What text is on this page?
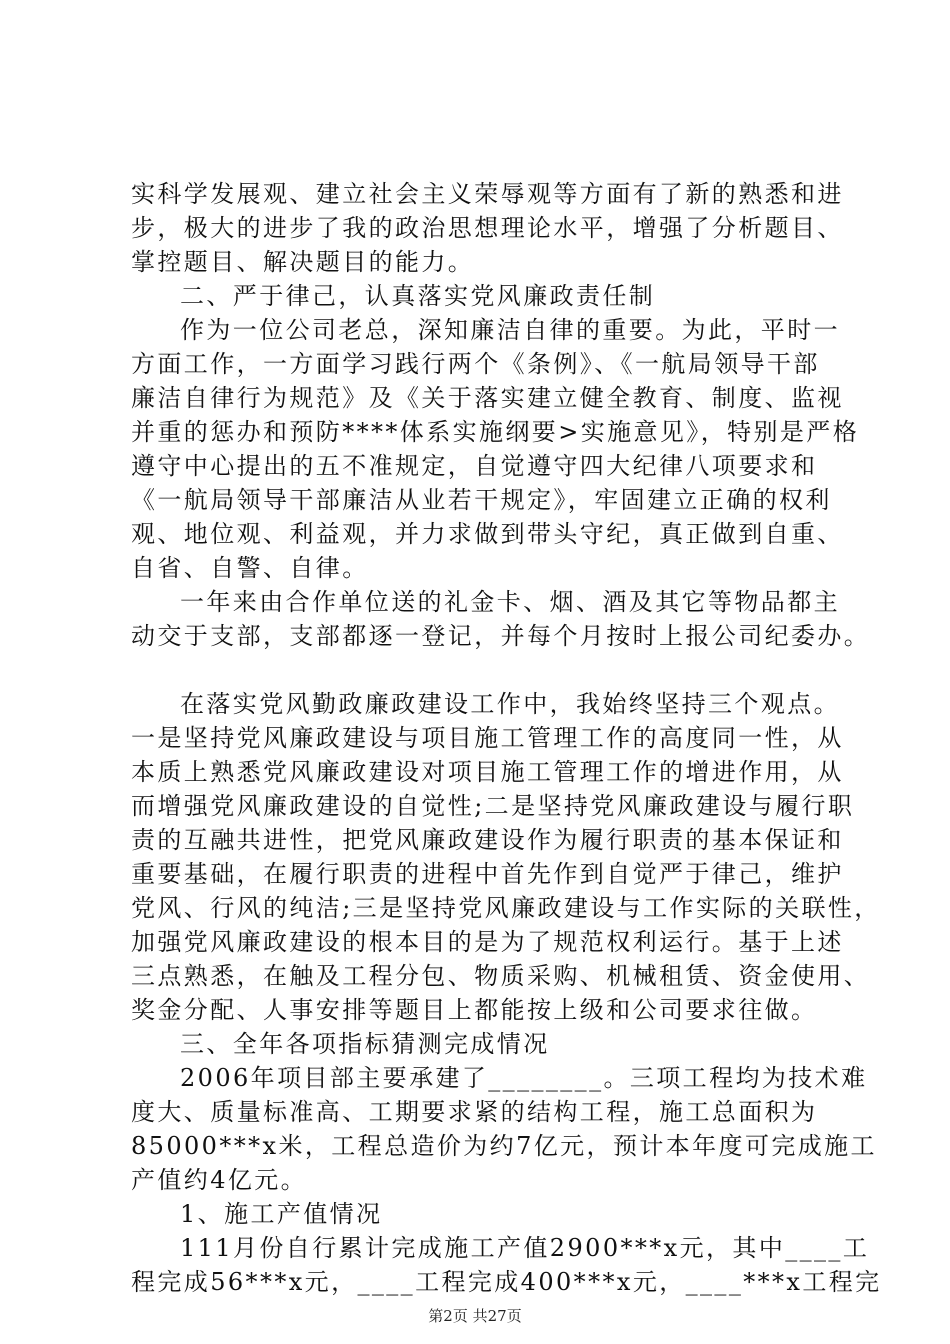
实科学发展观、建立社会主义荣辱观等方面有了新的熟悉和进
步，极大的进步了我的政治思想理论水平，增强了分析题目、
掌控题目、解决题目的能力。
二、严于律己，认真落实党风廉政责任制
作为一位公司老总，深知廉洁自律的重要。为此，平时一
方面工作，一方面学习践行两个《条例》、《一航局领导干部
廉洁自律行为规范》及《关于落实建立健全教育、制度、监视
并重的惩办和预防****体系实施纲要>实施意见》，特别是严格
遵守中心提出的五不准规定，自觉遵守四大纪律八项要求和
《一航局领导干部廉洁从业若干规定》，牢固建立正确的权利
观、地位观、利益观，并力求做到带头守纪，真正做到自重、
自省、自警、自律。
一年来由合作单位送的礼金卡、烟、酒及其它等物品都主
动交于支部，支部都逐一登记，并每个月按时上报公司纪委办。
在落实党风勤政廉政建设工作中，我始终坚持三个观点。
一是坚持党风廉政建设与项目施工管理工作的高度同一性，从
本质上熟悉党风廉政建设对项目施工管理工作的增进作用，从
而增强党风廉政建设的自觉性;二是坚持党风廉政建设与履行职
责的互融共进性，把党风廉政建设作为履行职责的基本保证和
重要基础，在履行职责的进程中首先作到自觉严于律己，维护
党风、行风的纯洁;三是坚持党风廉政建设与工作实际的关联性，
加强党风廉政建设的根本目的是为了规范权利运行。基于上述
三点熟悉，在触及工程分包、物质采购、机械租赁、资金使用、
奖金分配、人事安排等题目上都能按上级和公司要求往做。
三、全年各项指标猜测完成情况
2006年项目部主要承建了________。三项工程均为技术难
度大、质量标准高、工期要求紧的结构工程，施工总面积为
85000***x米，工程总造价为约7亿元，预计本年度可完成施工
产值约4亿元。
1、施工产值情况
111月份自行累计完成施工产值2900***x元，其中____工
第2页 共27页
程完成56***x元，____工程完成400***x元，____***x工程完
